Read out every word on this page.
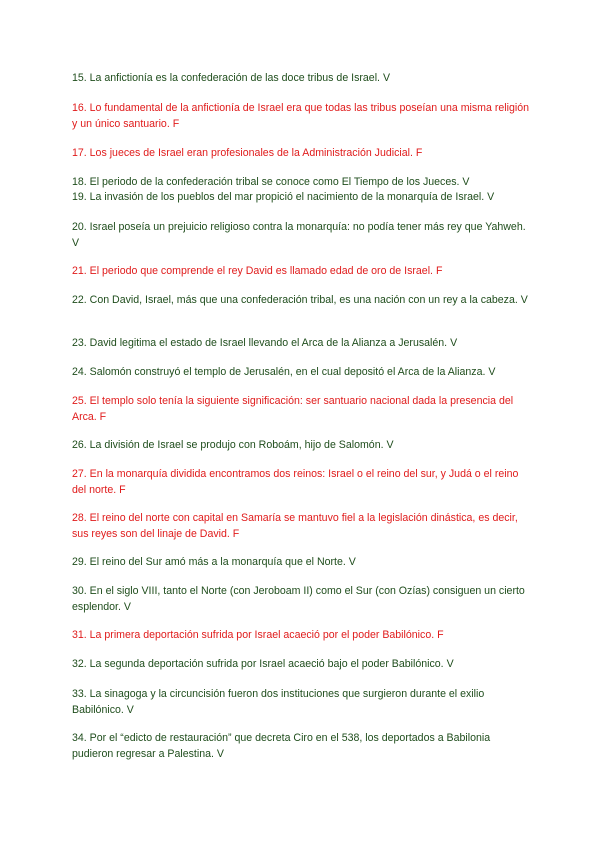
15. La anfictionía es la confederación de las doce tribus de Israel. V

16. Lo fundamental de la anfictionía de Israel era que todas las tribus poseían una misma religión y un único santuario. F

17. Los jueces de Israel eran profesionales de la Administración Judicial. F

18. El periodo de la confederación tribal se conoce como El Tiempo de los Jueces. V

19. La invasión de los pueblos del mar propició el nacimiento de la monarquía de Israel. V

20. Israel poseía un prejuicio religioso contra la monarquía: no podía tener más rey que Yahweh. V

21. El periodo que comprende el rey David es llamado edad de oro de Israel. F

22. Con David, Israel, más que una confederación tribal, es una nación con un rey a la cabeza. V

23. David legitima el estado de Israel llevando el Arca de la Alianza a Jerusalén. V

24. Salomón construyó el templo de Jerusalén, en el cual depositó el Arca de la Alianza. V

25. El templo solo tenía la siguiente significación: ser santuario nacional dada la presencia del Arca. F

26. La división de Israel se produjo con Roboám, hijo de Salomón. V

27. En la monarquía dividida encontramos dos reinos: Israel o el reino del sur, y Judá o el reino del norte. F

28. El reino del norte con capital en Samaría se mantuvo fiel a la legislación dinástica, es decir, sus reyes son del linaje de David. F

29. El reino del Sur amó más a la monarquía que el Norte. V

30. En el siglo VIII, tanto el Norte (con Jeroboam II) como el Sur (con Ozías) consiguen un cierto esplendor. V

31. La primera deportación sufrida por Israel acaeció por el poder Babilónico. F

32. La segunda deportación sufrida por Israel acaeció bajo el poder Babilónico. V

33. La sinagoga y la circuncisión fueron dos instituciones que surgieron durante el exilio Babilónico. V

34. Por el “edicto de restauración” que decreta Ciro en el 538, los deportados a Babilonia pudieron regresar a Palestina. V
